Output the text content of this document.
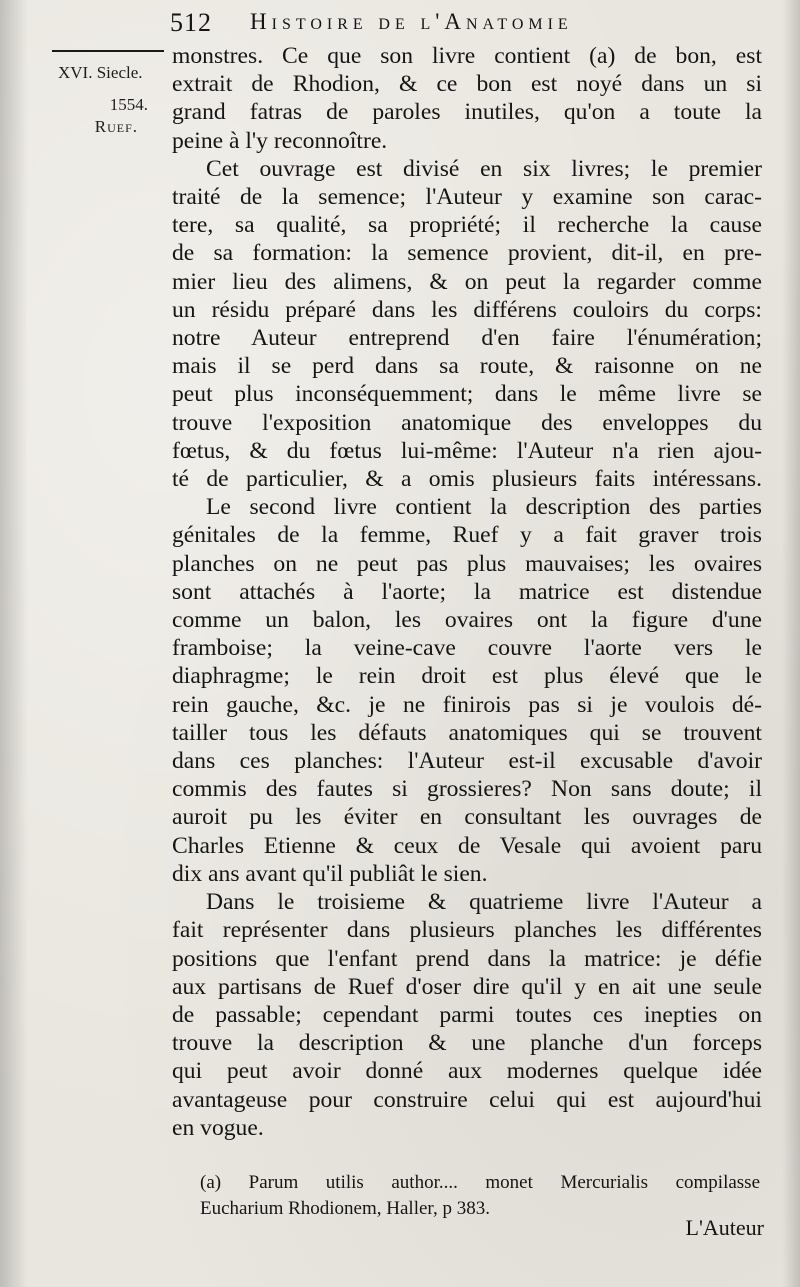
512 Histoire de l'Anatomie
XVI. Siecle.
1554.
Ruef.
monstres. Ce que son livre contient (a) de bon, est
extrait de Rhodion, & ce bon est noyé dans un si
grand fatras de paroles inutiles, qu'on a toute la
peine à l'y reconnoître.
Cet ouvrage est divisé en six livres; le premier
traité de la semence; l'Auteur y examine son carac-
tere, sa qualité, sa propriété; il recherche la cause
de sa formation: la semence provient, dit-il, en pre-
mier lieu des alimens, & on peut la regarder comme
un résidu préparé dans les différens couloirs du corps:
notre Auteur entreprend d'en faire l'énumération;
mais il se perd dans sa route, & raisonne on ne
peut plus inconséquemment; dans le même livre se
trouve l'exposition anatomique des enveloppes du
fœtus, & du fœtus lui-même: l'Auteur n'a rien ajou-
té de particulier, & a omis plusieurs faits intéressans.
Le second livre contient la description des parties
génitales de la femme, Ruef y a fait graver trois
planches on ne peut pas plus mauvaises; les ovaires
sont attachés à l'aorte; la matrice est distendue
comme un balon, les ovaires ont la figure d'une
framboise; la veine-cave couvre l'aorte vers le
diaphragme; le rein droit est plus élevé que le
rein gauche, &c. je ne finirois pas si je voulois dé-
tailler tous les défauts anatomiques qui se trouvent
dans ces planches: l'Auteur est-il excusable d'avoir
commis des fautes si grossieres? Non sans doute; il
auroit pu les éviter en consultant les ouvrages de
Charles Etienne & ceux de Vesale qui avoient paru
dix ans avant qu'il publiât le sien.
Dans le troisieme & quatrieme livre l'Auteur a
fait représenter dans plusieurs planches les différentes
positions que l'enfant prend dans la matrice: je défie
aux partisans de Ruef d'oser dire qu'il y en ait une seule
de passable; cependant parmi toutes ces inepties on
trouve la description & une planche d'un forceps
qui peut avoir donné aux modernes quelque idée
avantageuse pour construire celui qui est aujourd'hui
en vogue.
(a) Parum utilis author.... monet Mercurialis compilasse
Eucharium Rhodionem, Haller, p 383.
L'Auteur
